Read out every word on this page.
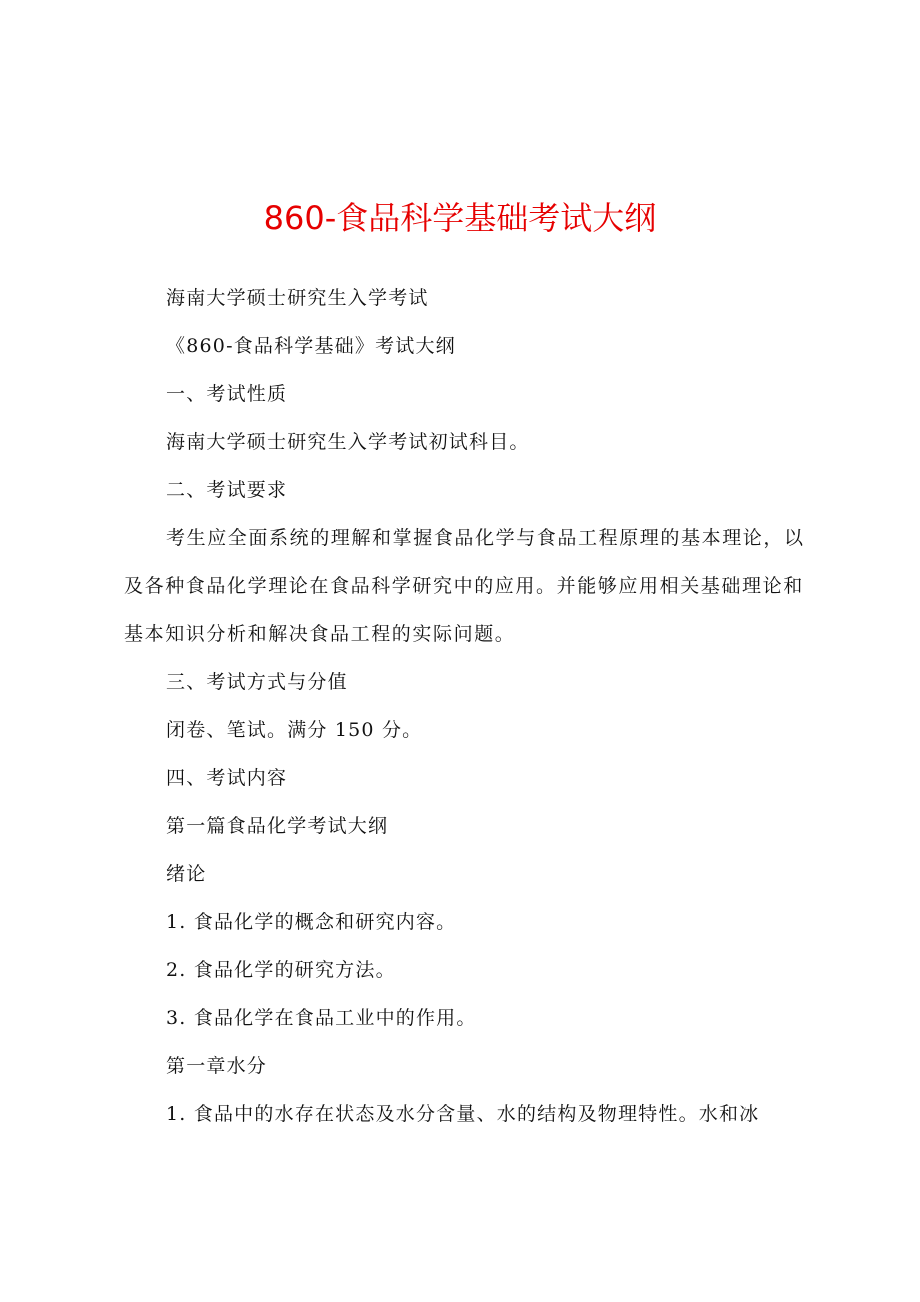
860-食品科学基础考试大纲

海南大学硕士研究生入学考试

《860-食品科学基础》考试大纲

一、考试性质

海南大学硕士研究生入学考试初试科目。

二、考试要求

考生应全面系统的理解和掌握食品化学与食品工程原理的基本理论，以及各种食品化学理论在食品科学研究中的应用。并能够应用相关基础理论和基本知识分析和解决食品工程的实际问题。

三、考试方式与分值

闭卷、笔试。满分 150 分。

四、考试内容

第一篇食品化学考试大纲

绪论

1. 食品化学的概念和研究内容。

2. 食品化学的研究方法。

3. 食品化学在食品工业中的作用。

第一章水分

1. 食品中的水存在状态及水分含量、水的结构及物理特性。水和冰
